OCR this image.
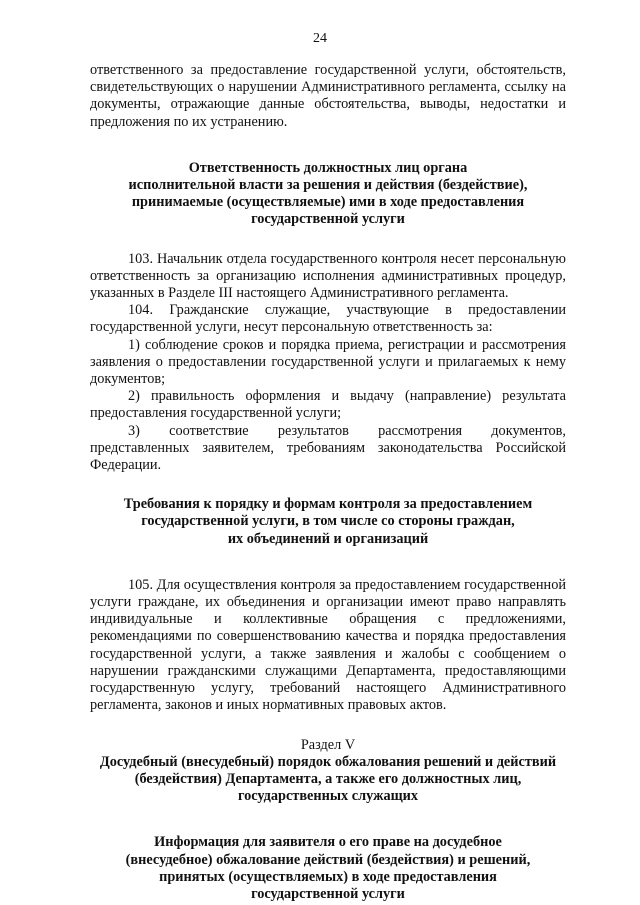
24

ответственного за предоставление государственной услуги, обстоятельств, свидетельствующих о нарушении Административного регламента, ссылку на документы, отражающие данные обстоятельства, выводы, недостатки и предложения по их устранению.

Ответственность должностных лиц органа
исполнительной власти за решения и действия (бездействие),
принимаемые (осуществляемые) ими в ходе предоставления
государственной услуги

103. Начальник отдела государственного контроля несет персональную ответственность за организацию исполнения административных процедур, указанных в Разделе III настоящего Административного регламента.

104. Гражданские служащие, участвующие в предоставлении государственной услуги, несут персональную ответственность за:

1) соблюдение сроков и порядка приема, регистрации и рассмотрения заявления о предоставлении государственной услуги и прилагаемых к нему документов;

2) правильность оформления и выдачу (направление) результата предоставления государственной услуги;

3) соответствие результатов рассмотрения документов, представленных заявителем, требованиям законодательства Российской Федерации.

Требования к порядку и формам контроля за предоставлением
государственной услуги, в том числе со стороны граждан,
их объединений и организаций

105. Для осуществления контроля за предоставлением государственной услуги граждане, их объединения и организации имеют право направлять индивидуальные и коллективные обращения с предложениями, рекомендациями по совершенствованию качества и порядка предоставления государственной услуги, а также заявления и жалобы с сообщением о нарушении гражданскими служащими Департамента, предоставляющими государственную услугу, требований настоящего Административного регламента, законов и иных нормативных правовых актов.

Раздел V

Досудебный (внесудебный) порядок обжалования решений и действий
(бездействия) Департамента, а также его должностных лиц,
государственных служащих
Информация для заявителя о его праве на досудебное
(внесудебное) обжалование действий (бездействия) и решений,
принятых (осуществляемых) в ходе предоставления
государственной услуги
